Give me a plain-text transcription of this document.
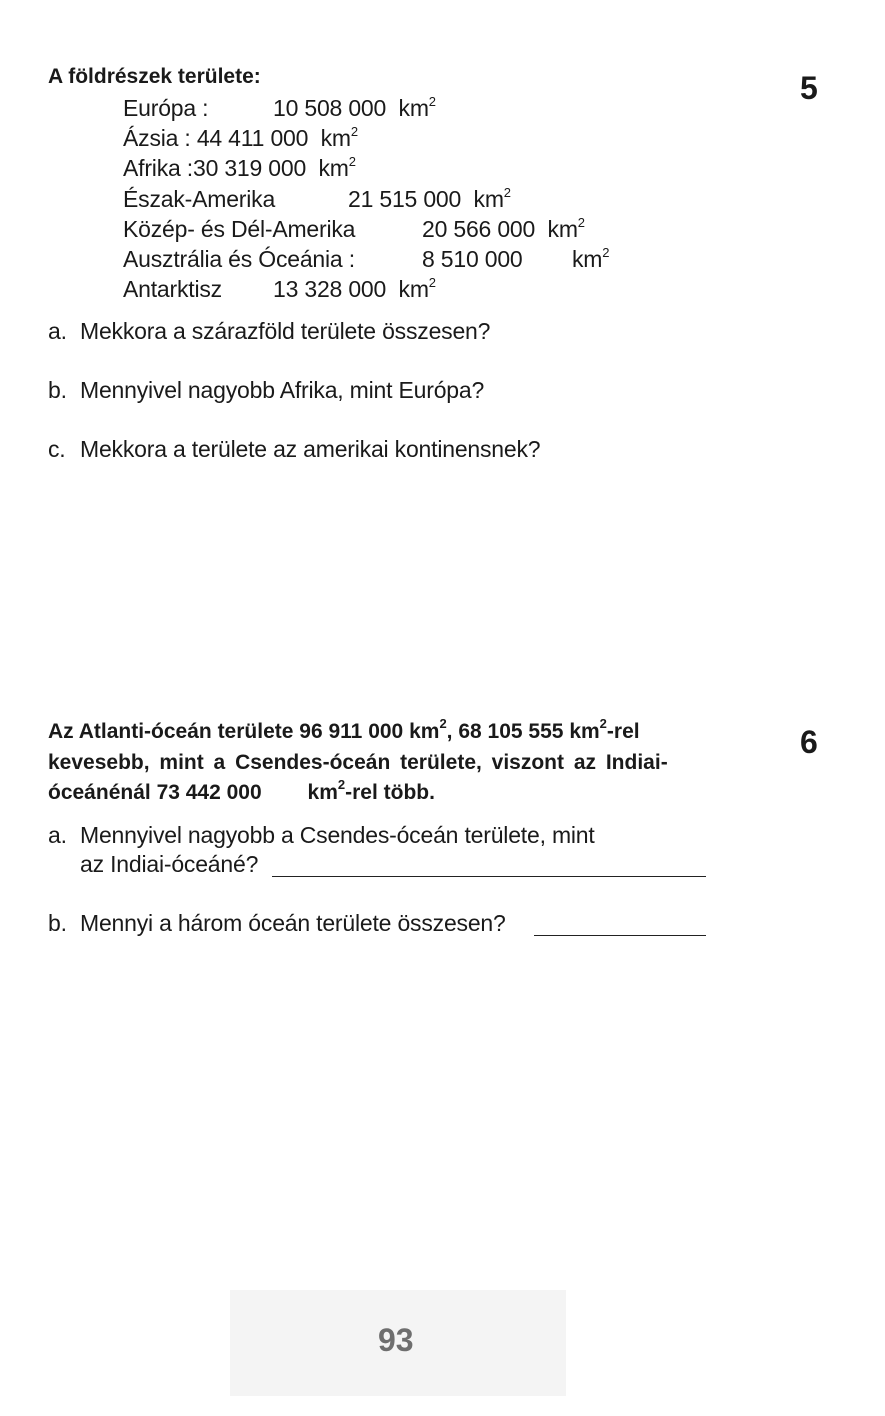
A földrészek területe:	5
Európa :	10 508 000 $km^2$
Ázsia : 44 411 000 $km^2$
Afrika :30 319 000 $km^2$
Észak-Amerika	21 515 000 $km^2$
Közép- és Dél-Amerika	20 566 000 $km^2$
Ausztrália és Óceánia :	8 510 000 $km^2$
Antarktisz 13 328 000 $km^2$
a. Mekkora a szárazföld területe összesen?
b. Mennyivel nagyobb Afrika, mint Európa?
c. Mekkora a területe az amerikai kontinensnek?
6
Az Atlanti-óceán területe 96 911 000 $km^2$, 68 105 555 $km^2$-rel
kevesebb, mint a Csendes-óceán területe, viszont az Indiai-
óceánénál 73 442 000 $km^2$-rel több.
a. Mennyivel nagyobb a Csendes-óceán területe, mint
az Indiai-óceáné?
b. Mennyi a három óceán területe összesen?
93
